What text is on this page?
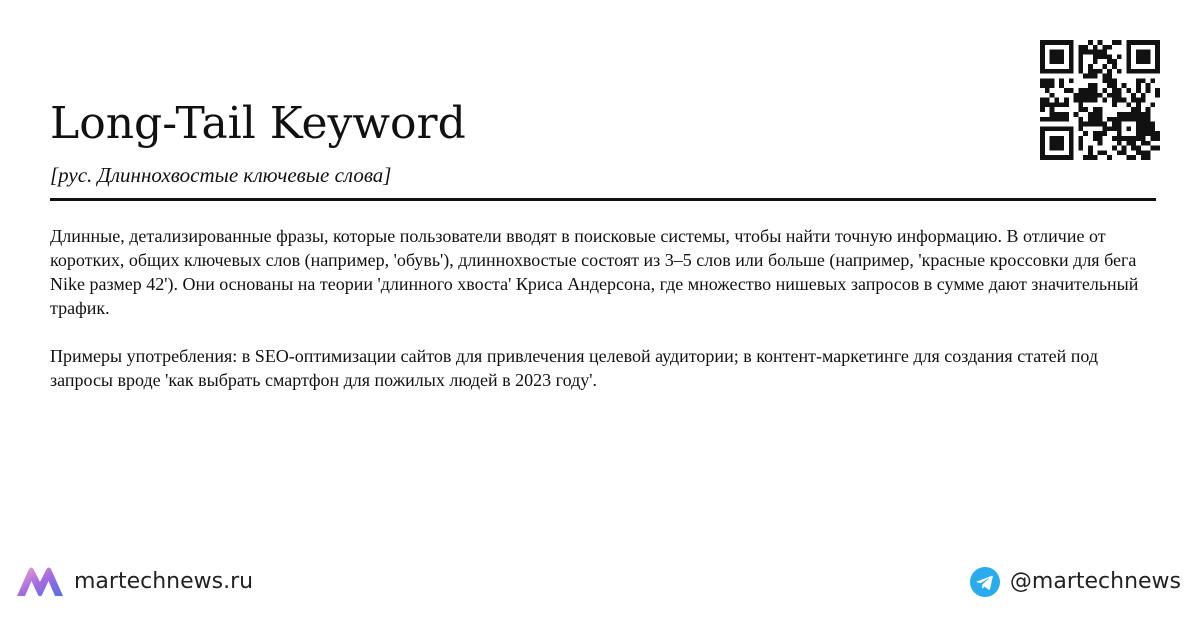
Long-Tail Keyword
[рус. Длиннохвостые ключевые слова]

Длинные, детализированные фразы, которые пользователи вводят в поисковые системы, чтобы найти точную информацию. В отличие от коротких, общих ключевых слов (например, 'обувь'), длиннохвостые состоят из 3–5 слов или больше (например, 'красные кроссовки для бега Nike размер 42'). Они основаны на теории 'длинного хвоста' Криса Андерсона, где множество нишевых запросов в сумме дают значительный трафик.

Примеры употребления: в SEO-оптимизации сайтов для привлечения целевой аудитории; в контент-маркетинге для создания статей под запросы вроде 'как выбрать смартфон для пожилых людей в 2023 году'.

martechnews.ru	@martechnews
